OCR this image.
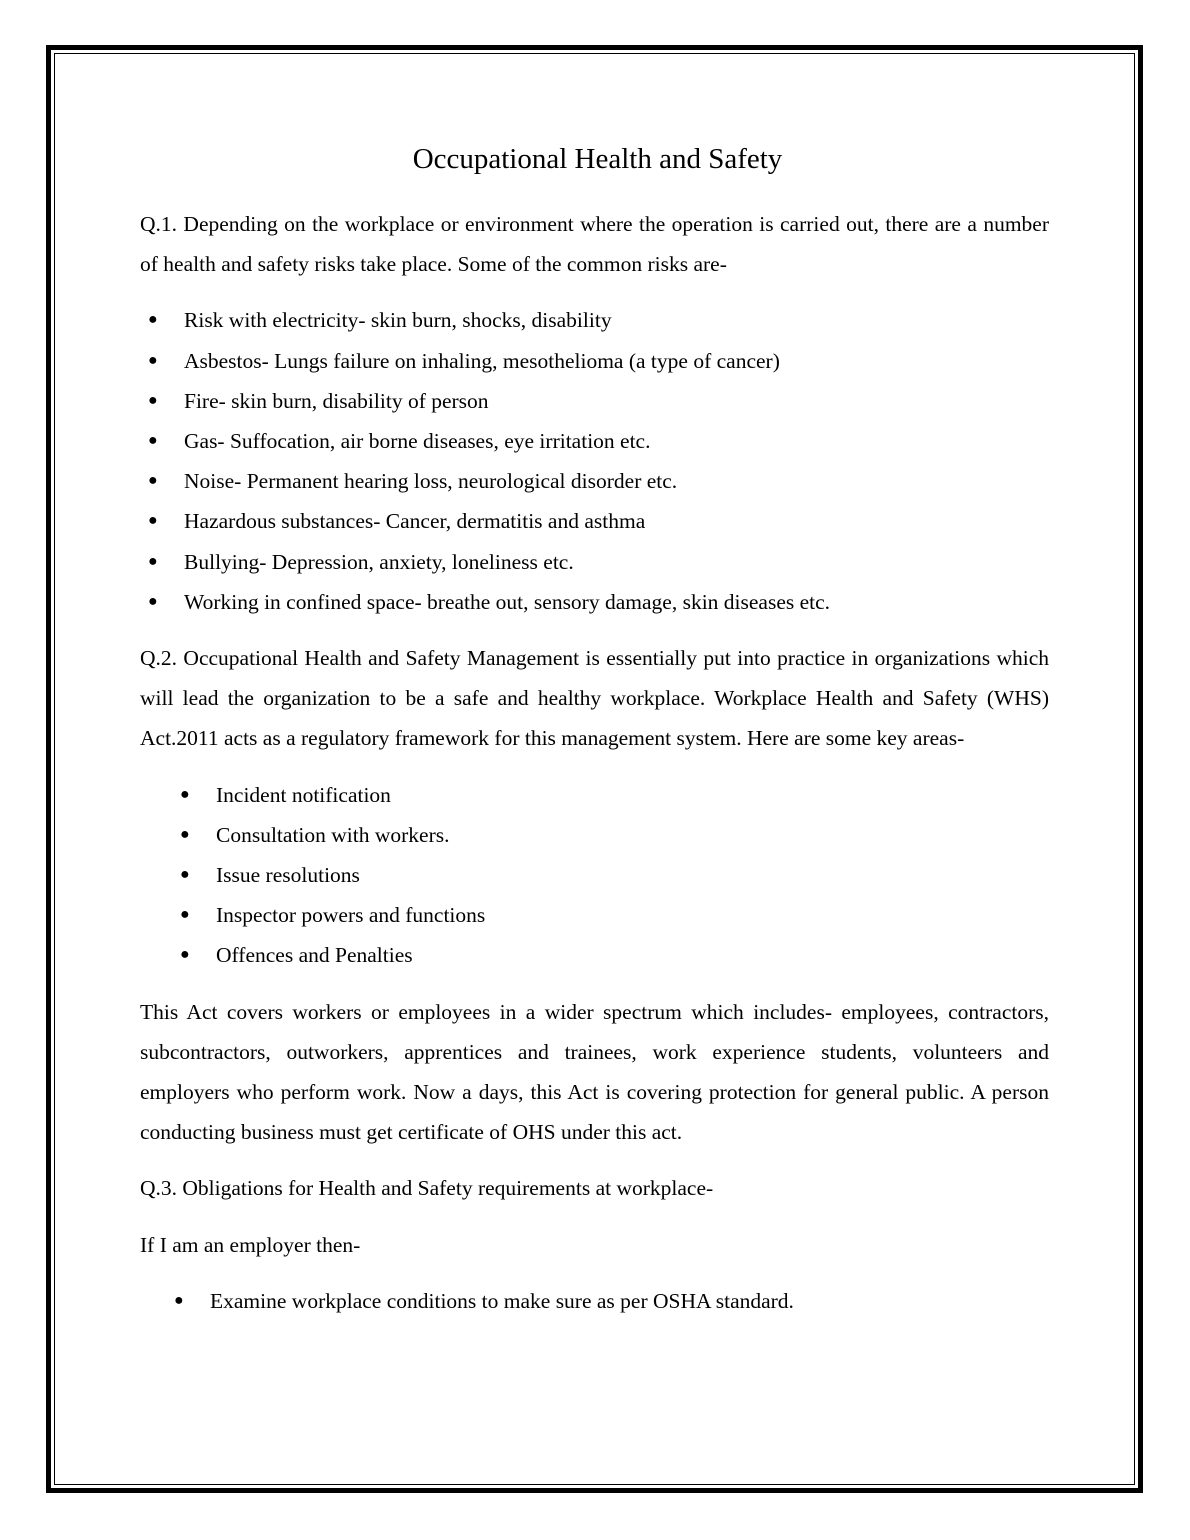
Occupational Health and Safety

Q.1. Depending on the workplace or environment where the operation is carried out, there are a number of health and safety risks take place. Some of the common risks are-

● Risk with electricity- skin burn, shocks, disability
● Asbestos- Lungs failure on inhaling, mesothelioma (a type of cancer)
● Fire- skin burn, disability of person
● Gas- Suffocation, air borne diseases, eye irritation etc.
● Noise- Permanent hearing loss, neurological disorder etc.
● Hazardous substances- Cancer, dermatitis and asthma
● Bullying- Depression, anxiety, loneliness etc.
● Working in confined space- breathe out, sensory damage, skin diseases etc.

Q.2. Occupational Health and Safety Management is essentially put into practice in organizations which will lead the organization to be a safe and healthy workplace. Workplace Health and Safety (WHS) Act.2011 acts as a regulatory framework for this management system. Here are some key areas-

● Incident notification
● Consultation with workers.
● Issue resolutions
● Inspector powers and functions
● Offences and Penalties

This Act covers workers or employees in a wider spectrum which includes- employees, contractors, subcontractors, outworkers, apprentices and trainees, work experience students, volunteers and employers who perform work. Now a days, this Act is covering protection for general public. A person conducting business must get certificate of OHS under this act.

Q.3. Obligations for Health and Safety requirements at workplace-

If I am an employer then-

● Examine workplace conditions to make sure as per OSHA standard.
